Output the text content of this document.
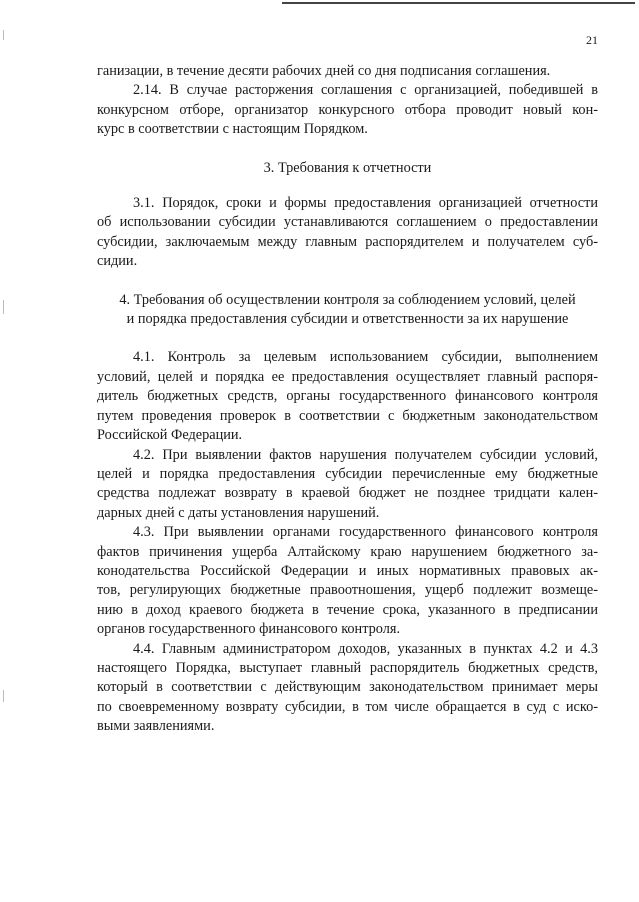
21

ганизации, в течение десяти рабочих дней со дня подписания соглашения.

2.14. В случае расторжения соглашения с организацией, победившей в
конкурсном отборе, организатор конкурсного отбора проводит новый кон-
курс в соответствии с настоящим Порядком.

3. Требования к отчетности

3.1. Порядок, сроки и формы предоставления организацией отчетности
об использовании субсидии устанавливаются соглашением о предоставлении
субсидии, заключаемым между главным распорядителем и получателем суб-
сидии.

4. Требования об осуществлении контроля за соблюдением условий, целей
и порядка предоставления субсидии и ответственности за их нарушение

4.1. Контроль за целевым использованием субсидии, выполнением
условий, целей и порядка ее предоставления осуществляет главный распоря-
дитель бюджетных средств, органы государственного финансового контроля
путем проведения проверок в соответствии с бюджетным законодательством
Российской Федерации.

4.2. При выявлении фактов нарушения получателем субсидии условий,
целей и порядка предоставления субсидии перечисленные ему бюджетные
средства подлежат возврату в краевой бюджет не позднее тридцати кален-
дарных дней с даты установления нарушений.

4.3. При выявлении органами государственного финансового контроля
фактов причинения ущерба Алтайскому краю нарушением бюджетного за-
конодательства Российской Федерации и иных нормативных правовых ак-
тов, регулирующих бюджетные правоотношения, ущерб подлежит возмеще-
нию в доход краевого бюджета в течение срока, указанного в предписании
органов государственного финансового контроля.

4.4. Главным администратором доходов, указанных в пунктах 4.2 и 4.3
настоящего Порядка, выступает главный распорядитель бюджетных средств,
который в соответствии с действующим законодательством принимает меры
по своевременному возврату субсидии, в том числе обращается в суд с иско-
выми заявлениями.
